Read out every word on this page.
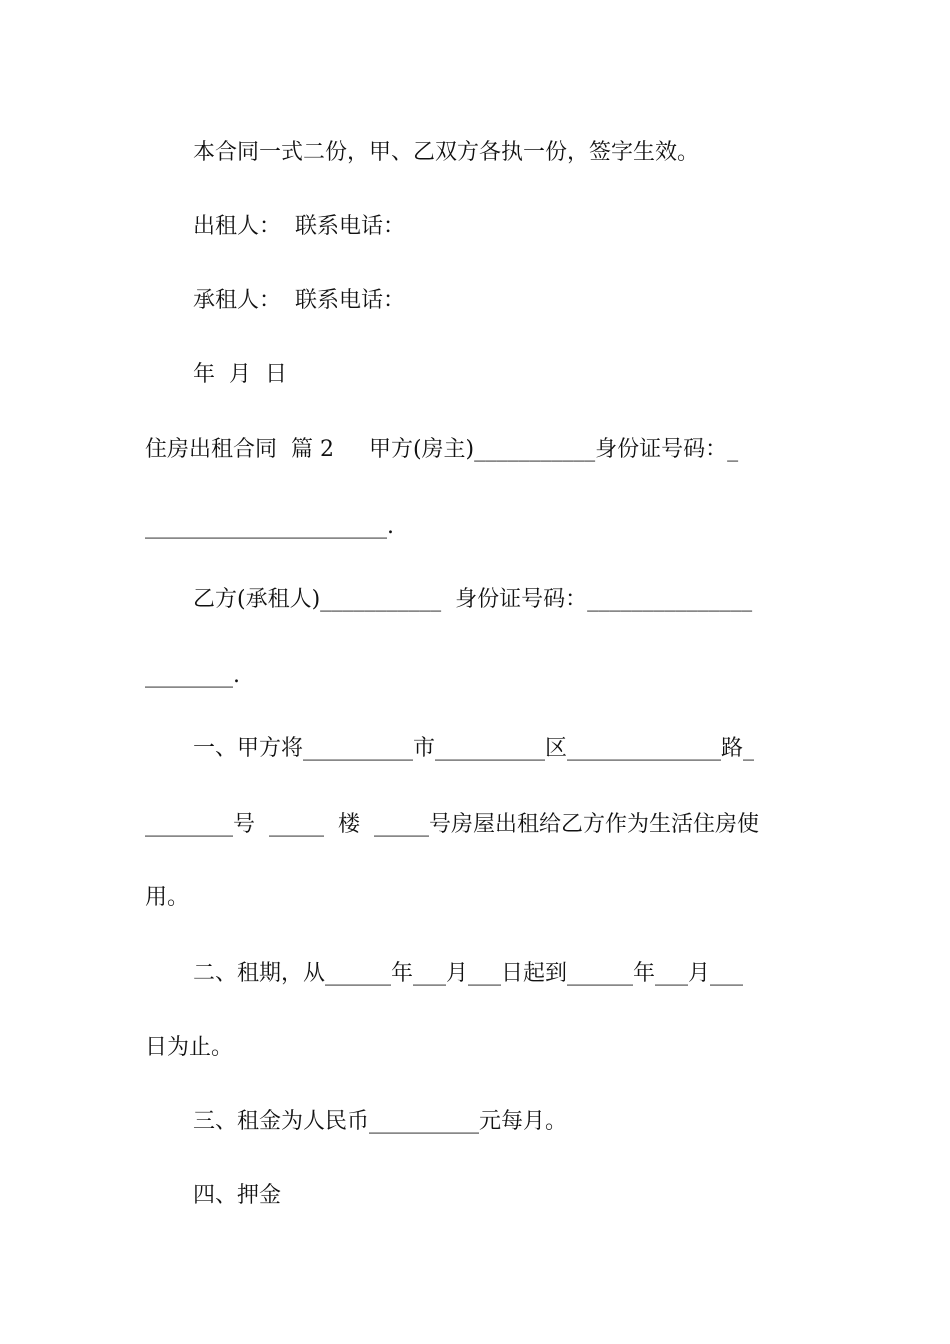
本合同一式二份，甲、乙双方各执一份，签字生效。
出租人：  联系电话：
承租人：  联系电话：
年  月  日
住房出租合同  篇 2     甲方(房主)___________身份证号码：_
______________________.
乙方(承租人)___________  身份证号码：_______________
________.
一、甲方将__________市__________区______________路_
________号  _____  楼  _____号房屋出租给乙方作为生活住房使
用。
二、租期，从______年___月___日起到______年___月___
日为止。
三、租金为人民币__________元每月。
四、押金
